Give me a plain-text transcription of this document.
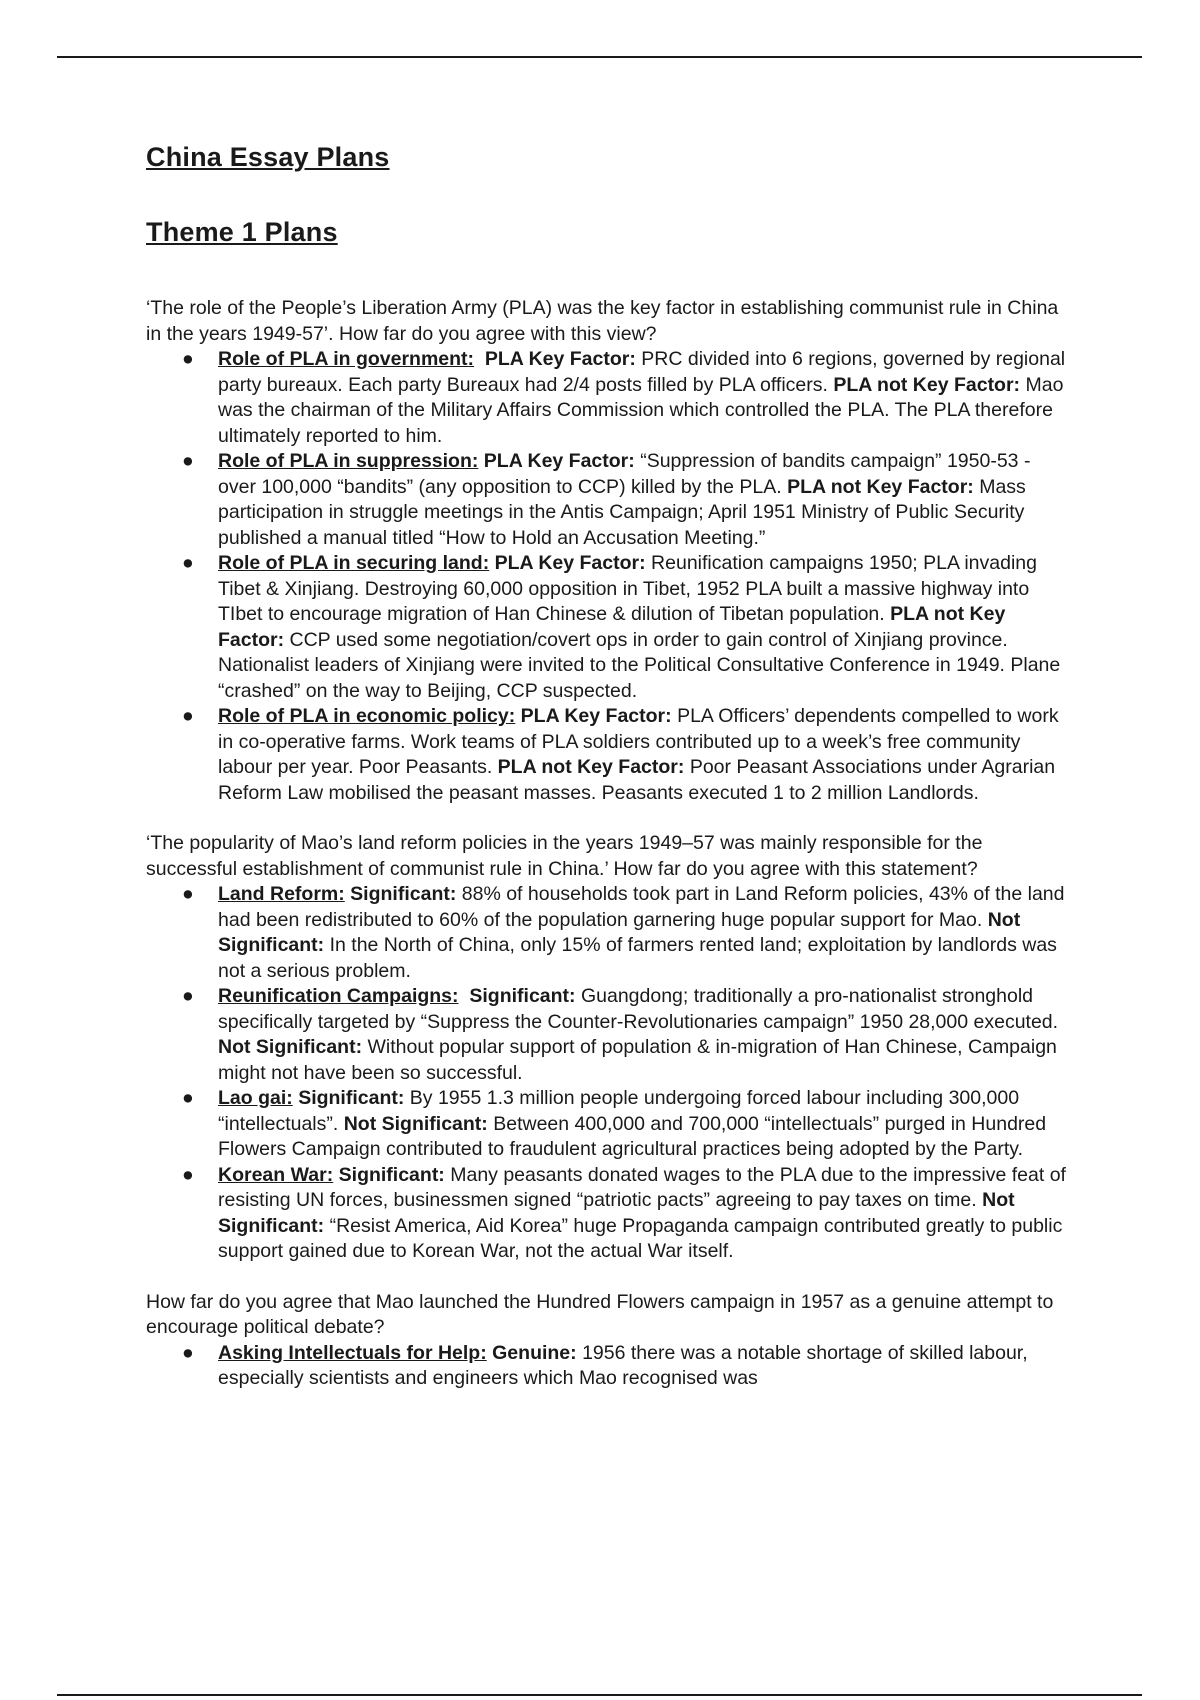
China Essay Plans
Theme 1 Plans

‘The role of the People’s Liberation Army (PLA) was the key factor in establishing communist rule in China in the years 1949-57’. How far do you agree with this view?

● Role of PLA in government: PLA Key Factor: PRC divided into 6 regions, governed by regional party bureaux. Each party Bureaux had 2/4 posts filled by PLA officers. PLA not Key Factor: Mao was the chairman of the Military Affairs Commission which controlled the PLA. The PLA therefore ultimately reported to him.
● Role of PLA in suppression: PLA Key Factor: “Suppression of bandits campaign” 1950-53 - over 100,000 “bandits” (any opposition to CCP) killed by the PLA. PLA not Key Factor: Mass participation in struggle meetings in the Antis Campaign; April 1951 Ministry of Public Security published a manual titled “How to Hold an Accusation Meeting.”
● Role of PLA in securing land: PLA Key Factor: Reunification campaigns 1950; PLA invading Tibet & Xinjiang. Destroying 60,000 opposition in Tibet, 1952 PLA built a massive highway into TIbet to encourage migration of Han Chinese & dilution of Tibetan population. PLA not Key Factor: CCP used some negotiation/covert ops in order to gain control of Xinjiang province. Nationalist leaders of Xinjiang were invited to the Political Consultative Conference in 1949. Plane “crashed” on the way to Beijing, CCP suspected.
● Role of PLA in economic policy: PLA Key Factor: PLA Officers’ dependents compelled to work in co-operative farms. Work teams of PLA soldiers contributed up to a week’s free community labour per year. Poor Peasants. PLA not Key Factor: Poor Peasant Associations under Agrarian Reform Law mobilised the peasant masses. Peasants executed 1 to 2 million Landlords.

‘The popularity of Mao’s land reform policies in the years 1949–57 was mainly responsible for the successful establishment of communist rule in China.’ How far do you agree with this statement?

● Land Reform: Significant: 88% of households took part in Land Reform policies, 43% of the land had been redistributed to 60% of the population garnering huge popular support for Mao. Not Significant: In the North of China, only 15% of farmers rented land; exploitation by landlords was not a serious problem.
● Reunification Campaigns: Significant: Guangdong; traditionally a pro-nationalist stronghold specifically targeted by “Suppress the Counter-Revolutionaries campaign” 1950 28,000 executed. Not Significant: Without popular support of population & in-migration of Han Chinese, Campaign might not have been so successful.
● Lao gai: Significant: By 1955 1.3 million people undergoing forced labour including 300,000 “intellectuals”. Not Significant: Between 400,000 and 700,000 “intellectuals” purged in Hundred Flowers Campaign contributed to fraudulent agricultural practices being adopted by the Party.
● Korean War: Significant: Many peasants donated wages to the PLA due to the impressive feat of resisting UN forces, businessmen signed “patriotic pacts” agreeing to pay taxes on time. Not Significant: “Resist America, Aid Korea” huge Propaganda campaign contributed greatly to public support gained due to Korean War, not the actual War itself.

How far do you agree that Mao launched the Hundred Flowers campaign in 1957 as a genuine attempt to encourage political debate?

● Asking Intellectuals for Help: Genuine: 1956 there was a notable shortage of skilled labour, especially scientists and engineers which Mao recognised was
